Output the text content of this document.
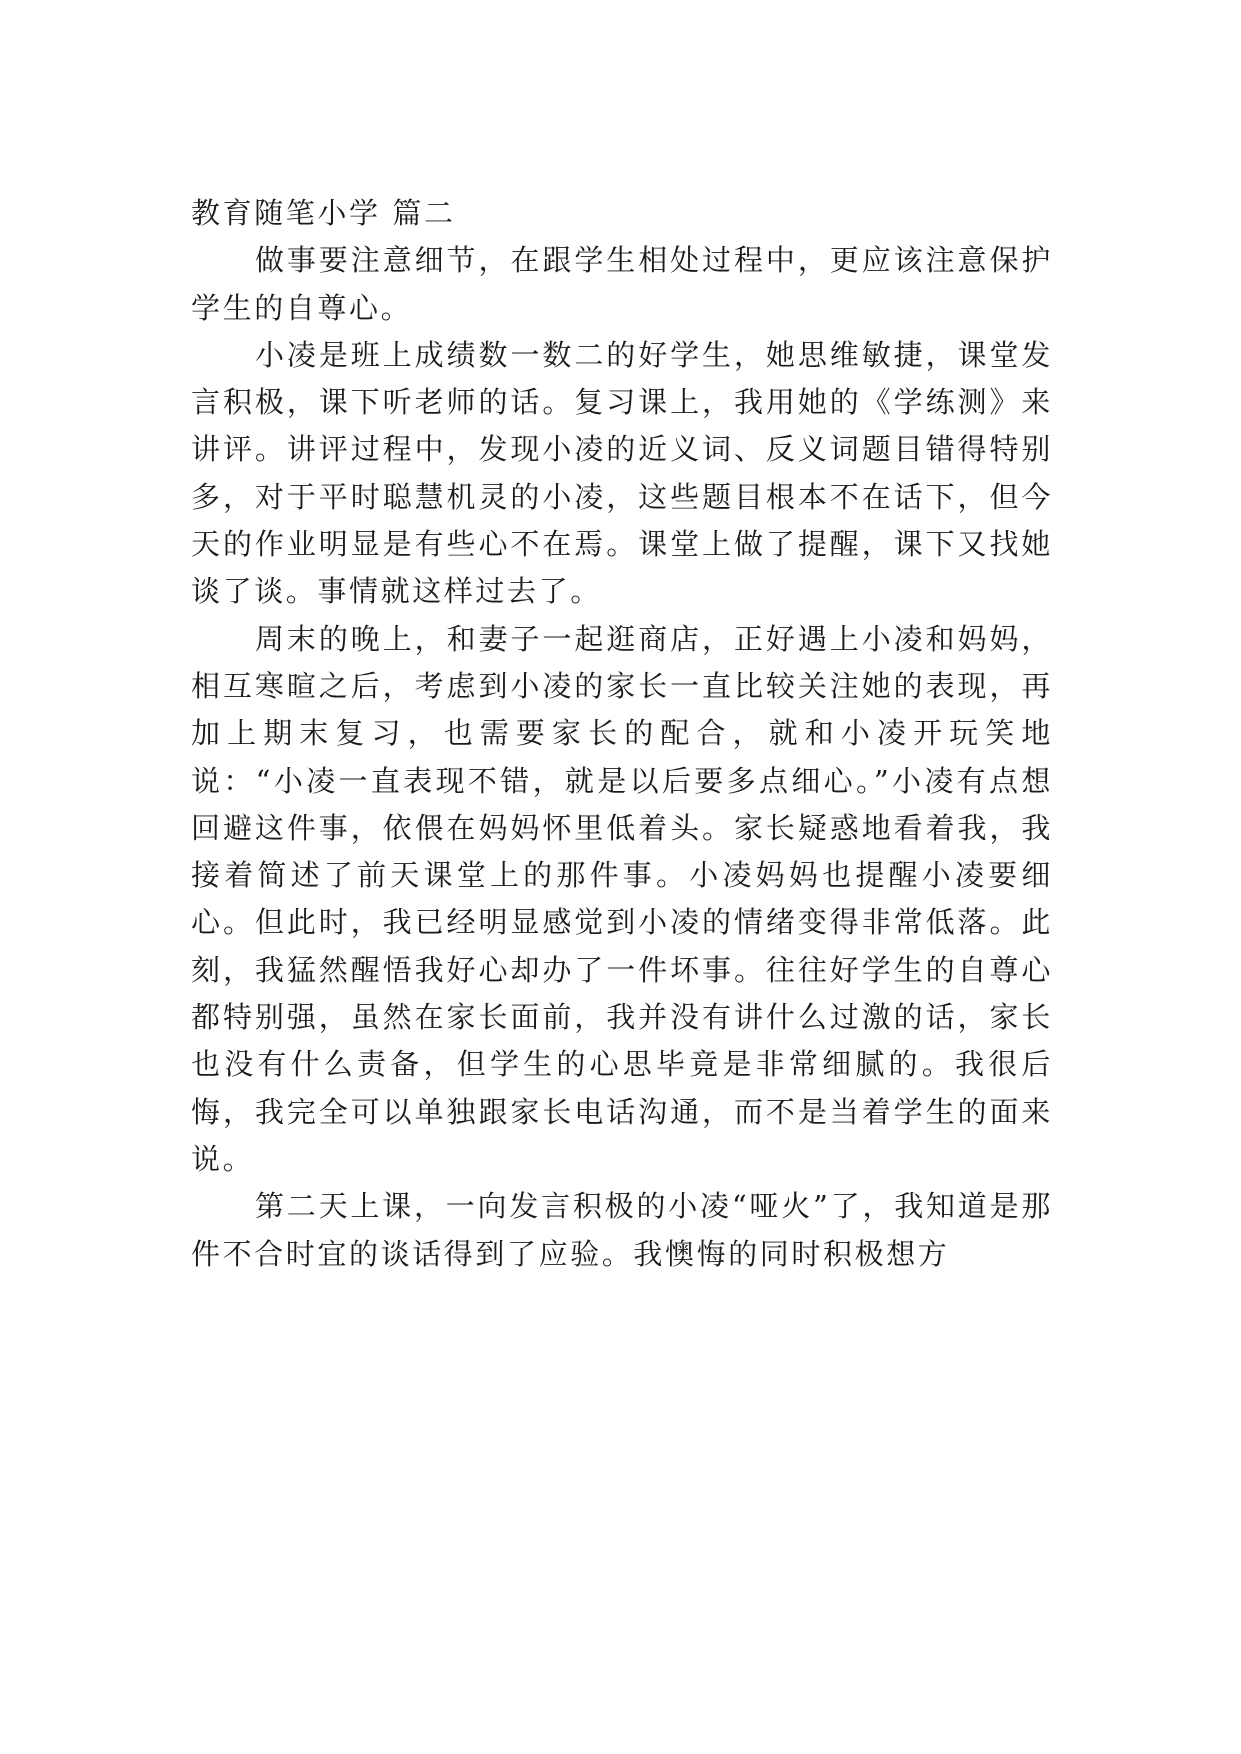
教育随笔小学 篇二

做事要注意细节，在跟学生相处过程中，更应该注意保护学生的自尊心。

小凌是班上成绩数一数二的好学生，她思维敏捷，课堂发言积极，课下听老师的话。复习课上，我用她的《学练测》来讲评。讲评过程中，发现小凌的近义词、反义词题目错得特别多，对于平时聪慧机灵的小凌，这些题目根本不在话下，但今天的作业明显是有些心不在焉。课堂上做了提醒，课下又找她谈了谈。事情就这样过去了。

周末的晚上，和妻子一起逛商店，正好遇上小凌和妈妈，相互寒暄之后，考虑到小凌的家长一直比较关注她的表现，再加上期末复习，也需要家长的配合，就和小凌开玩笑地说：“小凌一直表现不错，就是以后要多点细心。”小凌有点想回避这件事，依偎在妈妈怀里低着头。家长疑惑地看着我，我接着简述了前天课堂上的那件事。小凌妈妈也提醒小凌要细心。但此时，我已经明显感觉到小凌的情绪变得非常低落。此刻，我猛然醒悟我好心却办了一件坏事。往往好学生的自尊心都特别强，虽然在家长面前，我并没有讲什么过激的话，家长也没有什么责备，但学生的心思毕竟是非常细腻的。我很后悔，我完全可以单独跟家长电话沟通，而不是当着学生的面来说。

第二天上课，一向发言积极的小凌“哑火”了，我知道是那件不合时宜的谈话得到了应验。我懊悔的同时积极想方
